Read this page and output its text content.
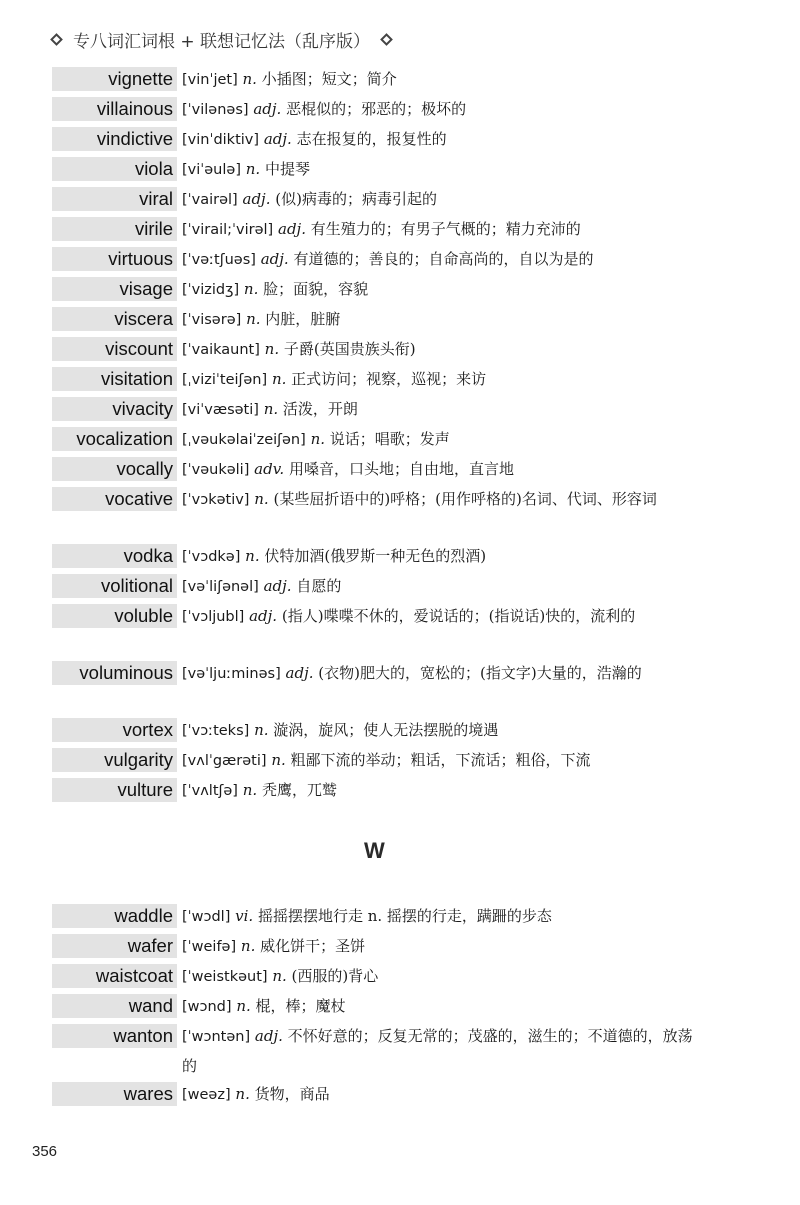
专八词汇词根 + 联想记忆法（乱序版）
vignette [vinˈjet] n. 小插图；短文；简介
villainous [ˈvilənəs] adj. 恶棍似的；邪恶的；极坏的
vindictive [vinˈdiktiv] adj. 志在报复的，报复性的
viola [viˈəulə] n. 中提琴
viral [ˈvairəl] adj. (似)病毒的；病毒引起的
virile [ˈvirail;ˈvirəl] adj. 有生殖力的；有男子气概的；精力充沛的
virtuous [ˈvəːtʃuəs] adj. 有道德的；善良的；自命高尚的，自以为是的
visage [ˈvizidʒ] n. 脸；面貌，容貌
viscera [ˈvisərə] n. 内脏，脏腑
viscount [ˈvaikaunt] n. 子爵(英国贵族头衔)
visitation [ˌviziˈteiʃən] n. 正式访问；视察，巡视；来访
vivacity [viˈvæsəti] n. 活泼，开朗
vocalization [ˌvəukəlaiˈzeiʃən] n. 说话；唱歌；发声
vocally [ˈvəukəli] adv. 用嗓音，口头地；自由地，直言地
vocative [ˈvɔkətiv] n. (某些屈折语中的)呼格；(用作呼格的)名词、代词、形容词
vodka [ˈvɔdkə] n. 伏特加酒(俄罗斯一种无色的烈酒)
volitional [vəˈliʃənəl] adj. 自愿的
voluble [ˈvɔljubl] adj. (指人)喋喋不休的，爱说话的；(指说话)快的，流利的
voluminous [vəˈljuːminəs] adj. (衣物)肥大的，宽松的；(指文字)大量的，浩瀚的
vortex [ˈvɔːteks] n. 漩涡，旋风；使人无法摆脱的境遇
vulgarity [vʌlˈgærəti] n. 粗鄙下流的举动；粗话，下流话；粗俗，下流
vulture [ˈvʌltʃə] n. 秃鹰，兀鹫
waddle [ˈwɔdl] vi. 摇摇摆摆地行走 n. 摇摆的行走，蹒跚的步态
wafer [ˈweifə] n. 威化饼干；圣饼
waistcoat [ˈweistkəut] n. (西服的)背心
wand [wɔnd] n. 棍，棒；魔杖
wanton [ˈwɔntən] adj. 不怀好意的；反复无常的；茂盛的，滋生的；不道德的，放荡的
wares [weəz] n. 货物，商品
W
356
